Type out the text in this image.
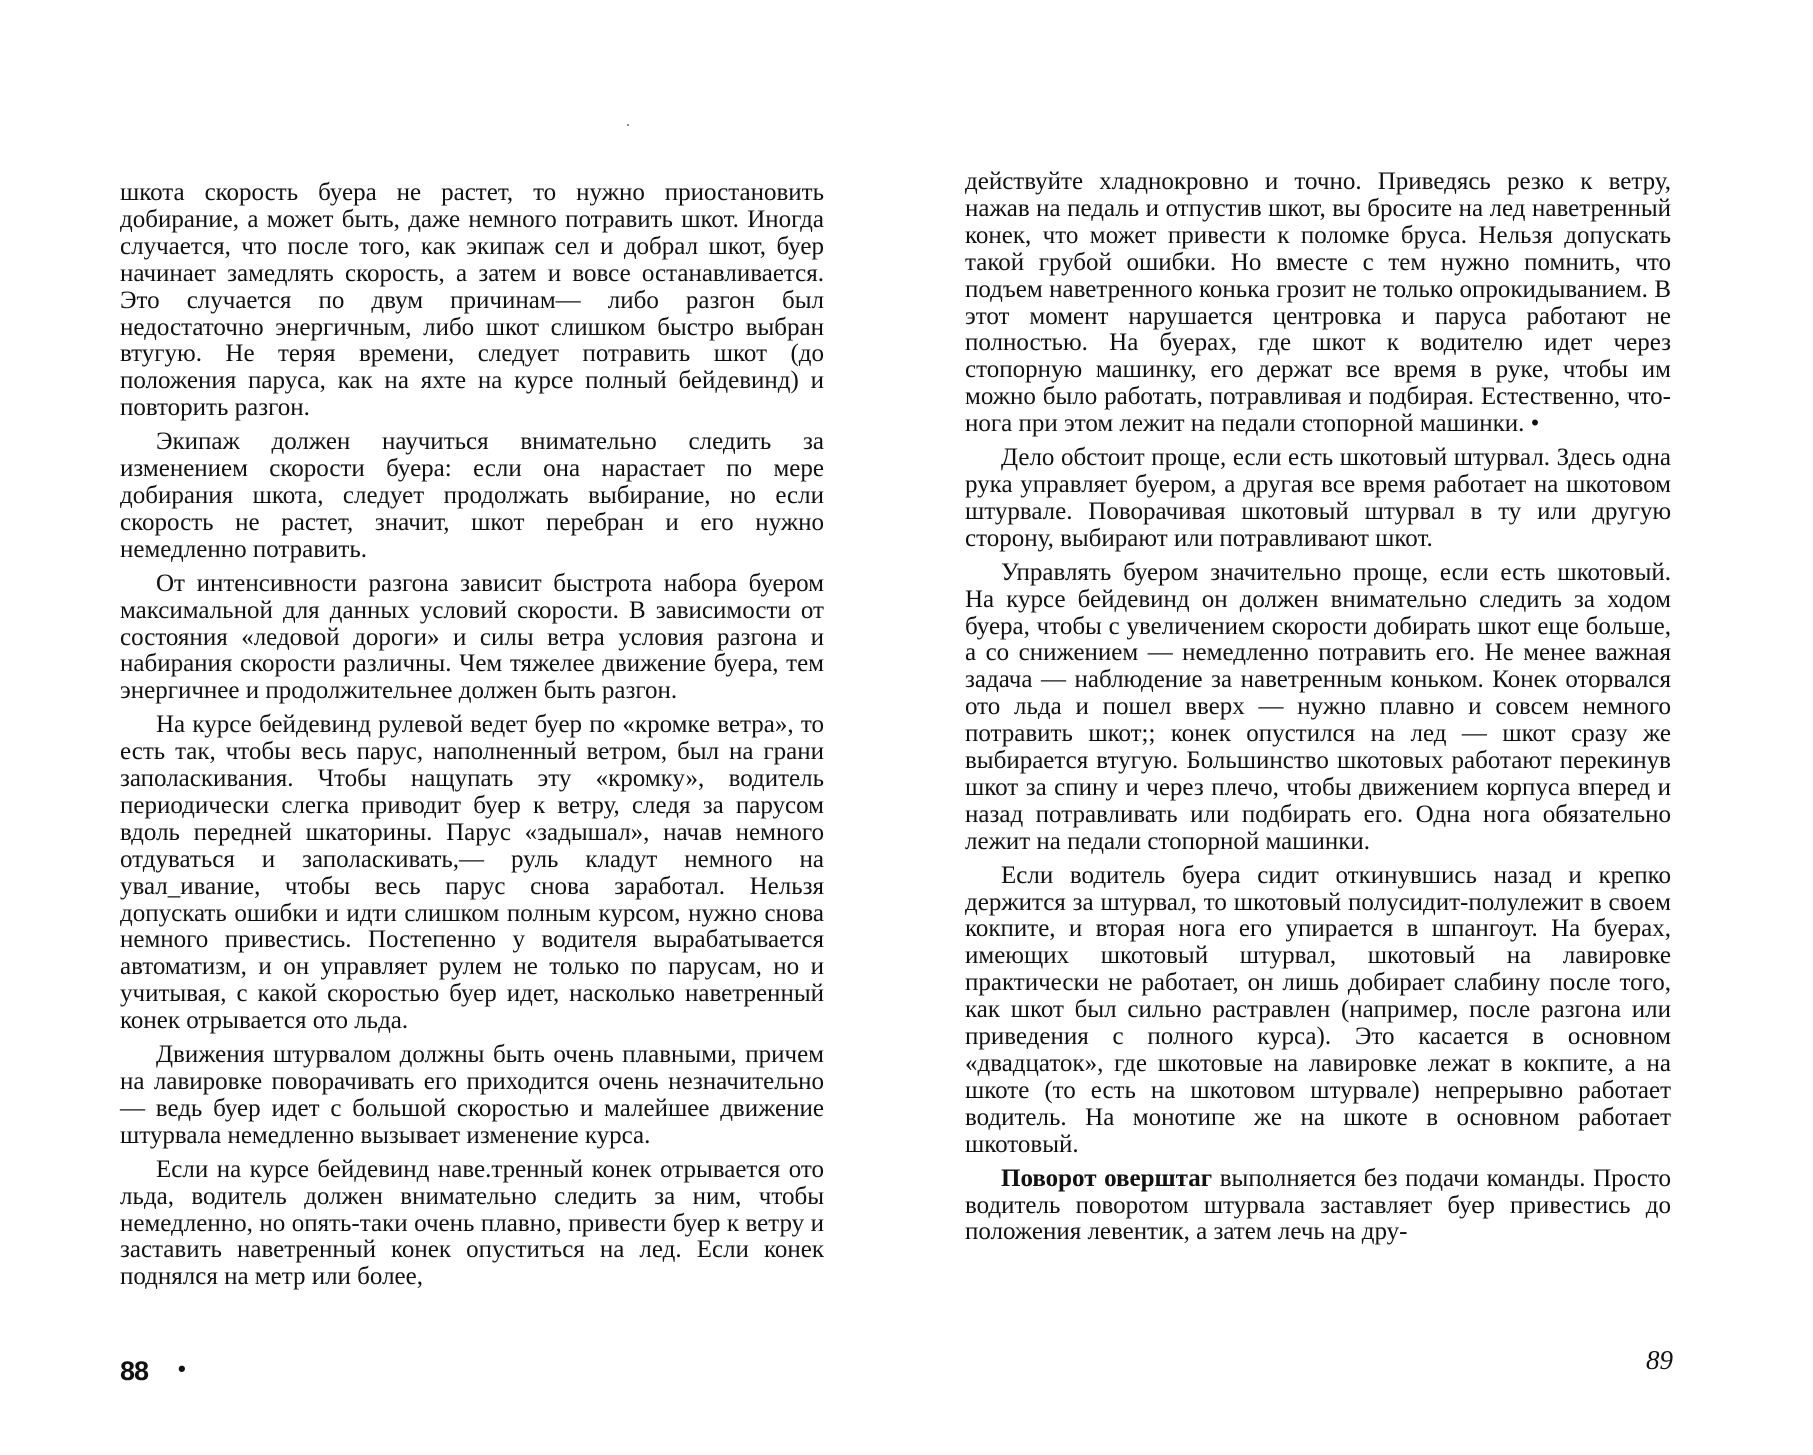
шкота скорость буера не растет, то нужно приостановить добирание, а может быть, даже немного потравить шкот. Иногда случается, что после того, как экипаж сел и добрал шкот, буер начинает замедлять скорость, а затем и вовсе останавливается. Это случается по двум причинам— либо разгон был недостаточно энергичным, либо шкот слишком быстро выбран втугую. Не теряя времени, следует потравить шкот (до положения паруса, как на яхте на курсе полный бейдевинд) и повторить разгон.

Экипаж должен научиться внимательно следить за изменением скорости буера: если она нарастает по мере добирания шкота, следует продолжать выбирание, но если скорость не растет, значит, шкот перебран и его нужно немедленно потравить.

От интенсивности разгона зависит быстрота набора буером максимальной для данных условий скорости. В зависимости от состояния «ледовой дороги» и силы ветра условия разгона и набирания скорости различны. Чем тяжелее движение буера, тем энергичнее и продолжительнее должен быть разгон.

На курсе бейдевинд рулевой ведет буер по «кромке ветра», то есть так, чтобы весь парус, наполненный ветром, был на грани заполаскивания. Чтобы нащупать эту «кромку», водитель периодически слегка приводит буер к ветру, следя за парусом вдоль передней шкаторины. Парус «задышал», начав немного отдуваться и заполаскивать,— руль кладут немного на увал_ивание, чтобы весь парус снова заработал. Нельзя допускать ошибки и идти слишком полным курсом, нужно снова немного привестись. Постепенно у водителя вырабатывается автоматизм, и он управляет рулем не только по парусам, но и учитывая, с какой скоростью буер идет, насколько наветренный конек отрывается ото льда.

Движения штурвалом должны быть очень плавными, причем на лавировке поворачивать его приходится очень незначительно — ведь буер идет с большой скоростью и малейшее движение штурвала немедленно вызывает изменение курса.

Если на курсе бейдевинд наве.тренный конек отрывается ото льда, водитель должен внимательно следить за ним, чтобы немедленно, но опять-таки очень плавно, привести буер к ветру и заставить наветренный конек опуститься на лед. Если конек поднялся на метр или более,

88 •

действуйте хладнокровно и точно. Приведясь резко к ветру, нажав на педаль и отпустив шкот, вы бросите на лед наветренный конек, что может привести к поломке бруса. Нельзя допускать такой грубой ошибки. Но вместе с тем нужно помнить, что подъем наветренного конька грозит не только опрокидыванием. В этот момент нарушается центровка и паруса работают не полностью. На буерах, где шкот к водителю идет через стопорную машинку, его держат все время в руке, чтобы им можно было работать, потравливая и подбирая. Естественно, что- нога при этом лежит на педали стопорной машинки. •

Дело обстоит проще, если есть шкотовый штурвал. Здесь одна рука управляет буером, а другая все время работает на шкотовом штурвале. Поворачивая шкотовый штурвал в ту или другую сторону, выбирают или потравливают шкот.

Управлять буером значительно проще, если есть шкотовый. На курсе бейдевинд он должен внимательно следить за ходом буера, чтобы с увеличением скорости добирать шкот еще больше, а со снижением — немедленно потравить его. Не менее важная задача — наблюдение за наветренным коньком. Конек оторвался ото льда и пошел вверх — нужно плавно и совсем немного потравить шкот;; конек опустился на лед — шкот сразу же выбирается втугую. Большинство шкотовых работают перекинув шкот за спину и через плечо, чтобы движением корпуса вперед и назад потравливать или подбирать его. Одна нога обязательно лежит на педали стопорной машинки.

Если водитель буера сидит откинувшись назад и крепко держится за штурвал, то шкотовый полусидит-полулежит в своем кокпите, и вторая нога его упирается в шпангоут. На буерах, имеющих шкотовый штурвал, шкотовый на лавировке практически не работает, он лишь добирает слабину после того, как шкот был сильно растравлен (например, после разгона или приведения с полного курса). Это касается в основном «двадцаток», где шкотовые на лавировке лежат в кокпите, а на шкоте (то есть на шкотовом штурвале) непрерывно работает водитель. На монотипе же на шкоте в основном работает шкотовый.

Поворот оверштаг выполняется без подачи команды. Просто водитель поворотом штурвала заставляет буер привестись до положения левентик, а затем лечь на дру-

89
